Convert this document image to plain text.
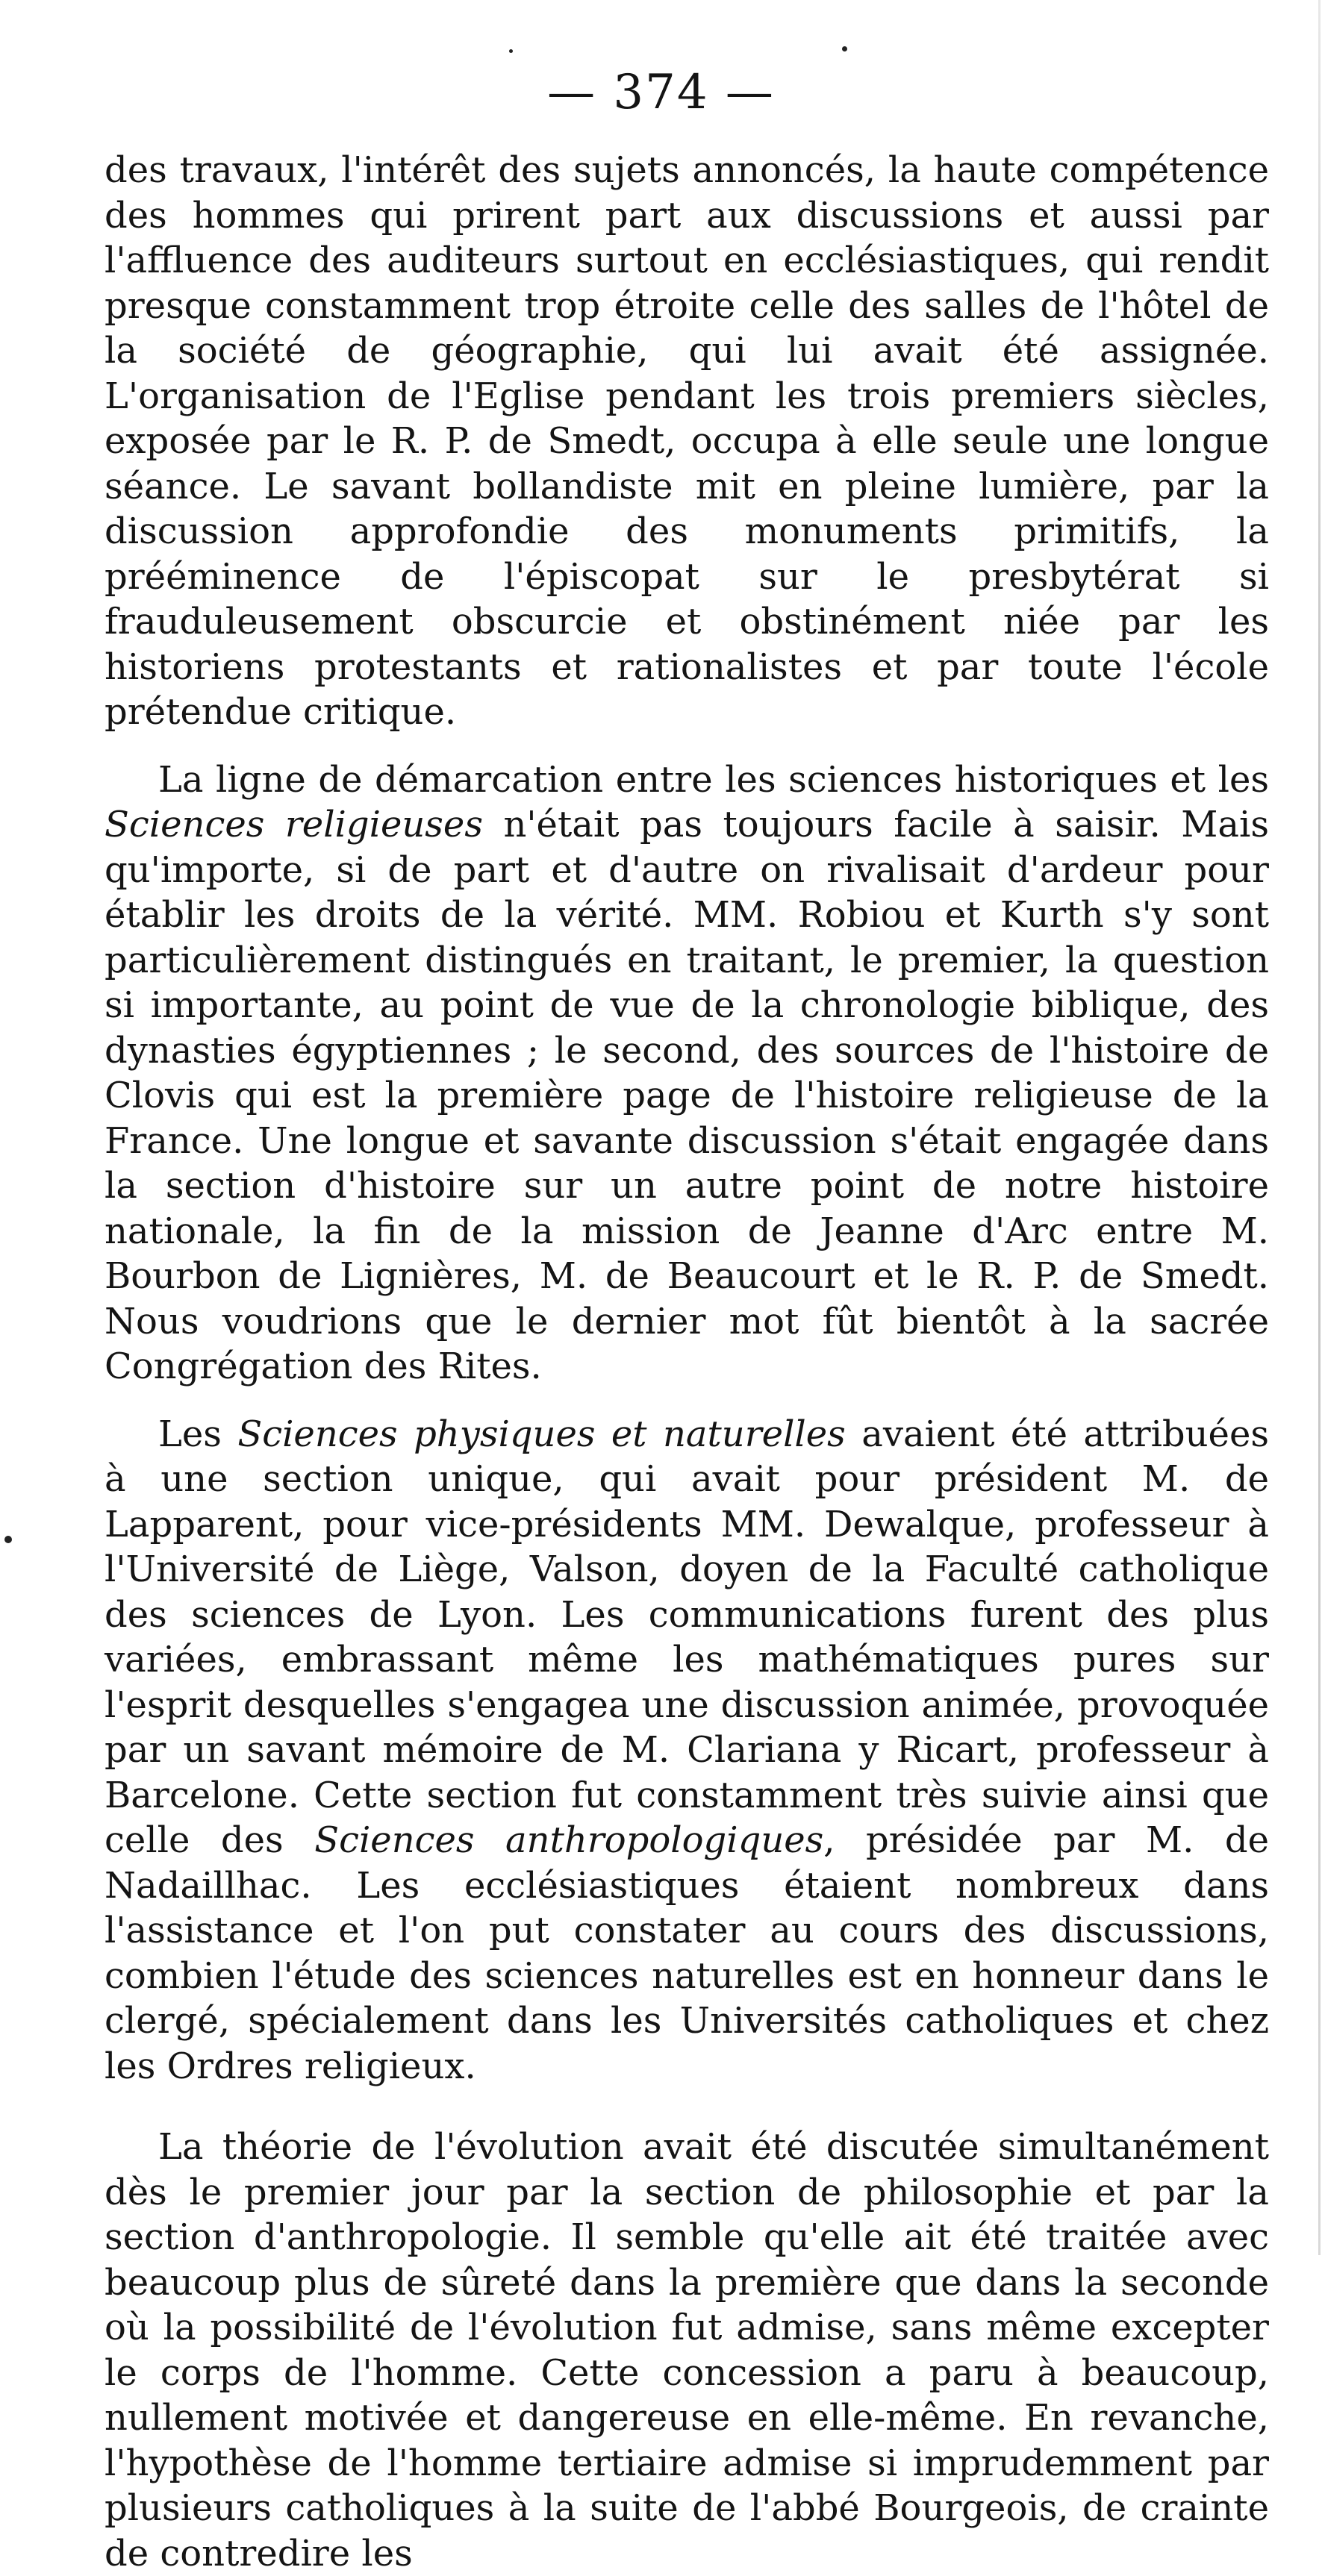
— 374 —

des travaux, l'intérêt des sujets annoncés, la haute compétence des hommes qui prirent part aux discussions et aussi par l'affluence des auditeurs surtout en ecclésiastiques, qui rendit presque constamment trop étroite celle des salles de l'hôtel de la société de géographie, qui lui avait été assignée. L'organisation de l'Eglise pendant les trois premiers siècles, exposée par le R. P. de Smedt, occupa à elle seule une longue séance. Le savant bollandiste mit en pleine lumière, par la discussion approfondie des monuments primitifs, la prééminence de l'épiscopat sur le presbytérat si frauduleusement obscurcie et obstinément niée par les historiens protestants et rationalistes et par toute l'école prétendue critique.

La ligne de démarcation entre les sciences historiques et les Sciences religieuses n'était pas toujours facile à saisir. Mais qu'importe, si de part et d'autre on rivalisait d'ardeur pour établir les droits de la vérité. MM. Robiou et Kurth s'y sont particulièrement distingués en traitant, le premier, la question si importante, au point de vue de la chronologie biblique, des dynasties égyptiennes ; le second, des sources de l'histoire de Clovis qui est la première page de l'histoire religieuse de la France. Une longue et savante discussion s'était engagée dans la section d'histoire sur un autre point de notre histoire nationale, la fin de la mission de Jeanne d'Arc entre M. Bourbon de Lignières, M. de Beaucourt et le R. P. de Smedt. Nous voudrions que le dernier mot fût bientôt à la sacrée Congrégation des Rites.

Les Sciences physiques et naturelles avaient été attribuées à une section unique, qui avait pour président M. de Lapparent, pour vice-présidents MM. Dewalque, professeur à l'Université de Liège, Valson, doyen de la Faculté catholique des sciences de Lyon. Les communications furent des plus variées, embrassant même les mathématiques pures sur l'esprit desquelles s'engagea une discussion animée, provoquée par un savant mémoire de M. Clariana y Ricart, professeur à Barcelone. Cette section fut constamment très suivie ainsi que celle des Sciences anthropologiques, présidée par M. de Nadaillhac. Les ecclésiastiques étaient nombreux dans l'assistance et l'on put constater au cours des discussions, combien l'étude des sciences naturelles est en honneur dans le clergé, spécialement dans les Universités catholiques et chez les Ordres religieux.

La théorie de l'évolution avait été discutée simultanément dès le premier jour par la section de philosophie et par la section d'anthropologie. Il semble qu'elle ait été traitée avec beaucoup plus de sûreté dans la première que dans la seconde où la possibilité de l'évolution fut admise, sans même excepter le corps de l'homme. Cette concession a paru à beaucoup, nullement motivée et dangereuse en elle-même. En revanche, l'hypothèse de l'homme tertiaire admise si imprudemment par plusieurs catholiques à la suite de l'abbé Bourgeois, de crainte de contredire les
